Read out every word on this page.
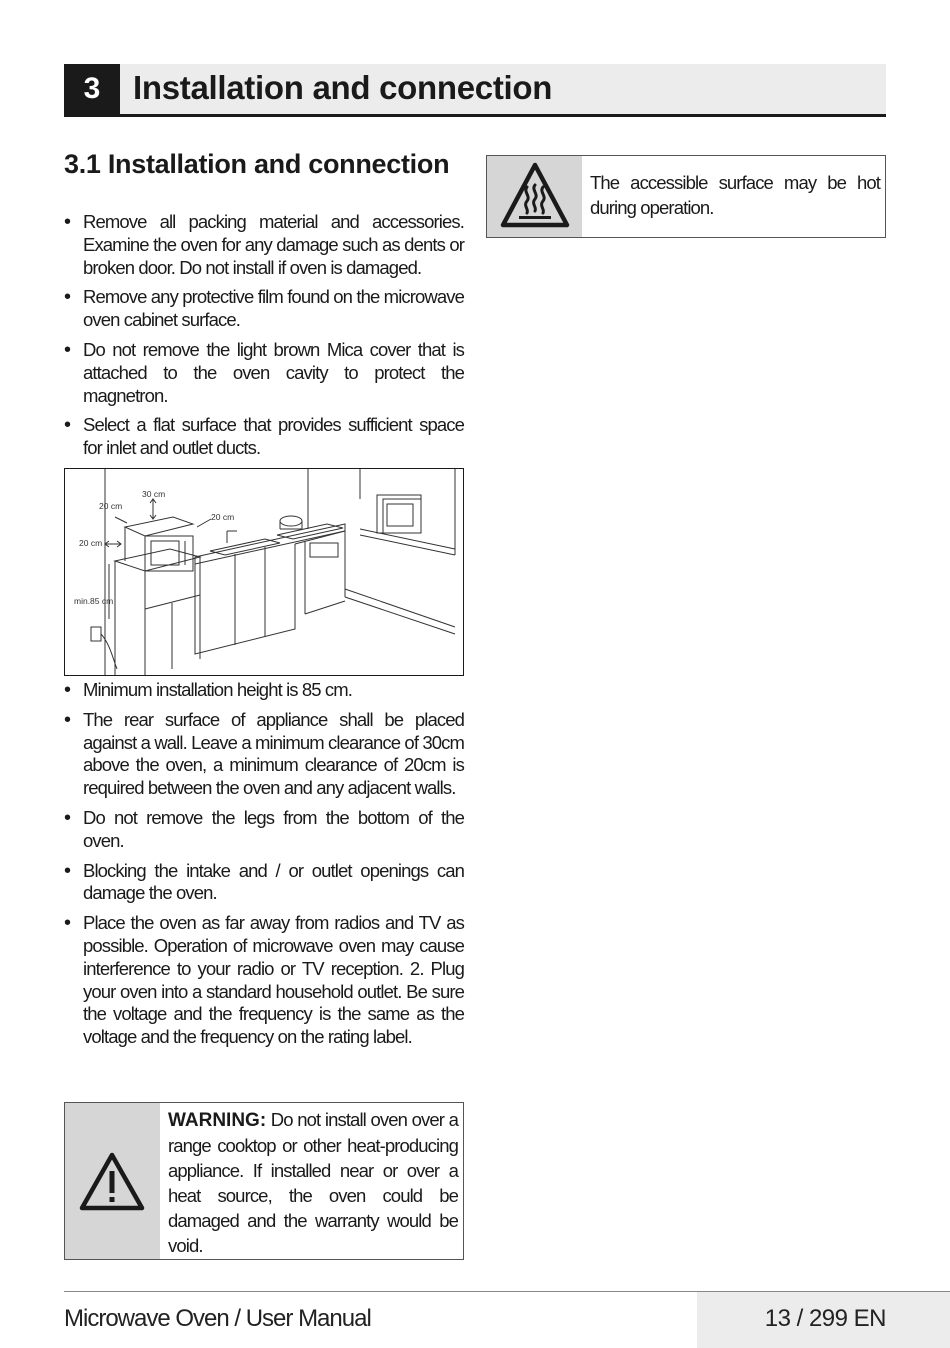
3 Installation and connection
3.1 Installation and connection
• Remove all packing material and accessories. Examine the oven for any damage such as dents or broken door. Do not install if oven is damaged.
• Remove any protective film found on the microwave oven cabinet surface.
• Do not remove the light brown Mica cover that is attached to the oven cavity to protect the magnetron.
• Select a flat surface that provides sufficient space for inlet and outlet ducts.
30 cm
20 cm
20 cm
20 cm
min.85 cm
• Minimum installation height is 85 cm.
• The rear surface of appliance shall be placed against a wall. Leave a minimum clearance of 30cm above the oven, a minimum clearance of 20cm is required between the oven and any adjacent walls.
• Do not remove the legs from the bottom of the oven.
• Blocking the intake and / or outlet openings can damage the oven.
• Place the oven as far away from radios and TV as possible. Operation of microwave oven may cause interference to your radio or TV reception. 2. Plug your oven into a standard household outlet. Be sure the voltage and the frequency is the same as the voltage and the frequency on the rating label.
WARNING: Do not install oven over a range cooktop or other heat-producing appliance. If installed near or over a heat source, the oven could be damaged and the warranty would be void.
The accessible surface may be hot during operation.
Microwave Oven / User Manual	13 / 299 EN
